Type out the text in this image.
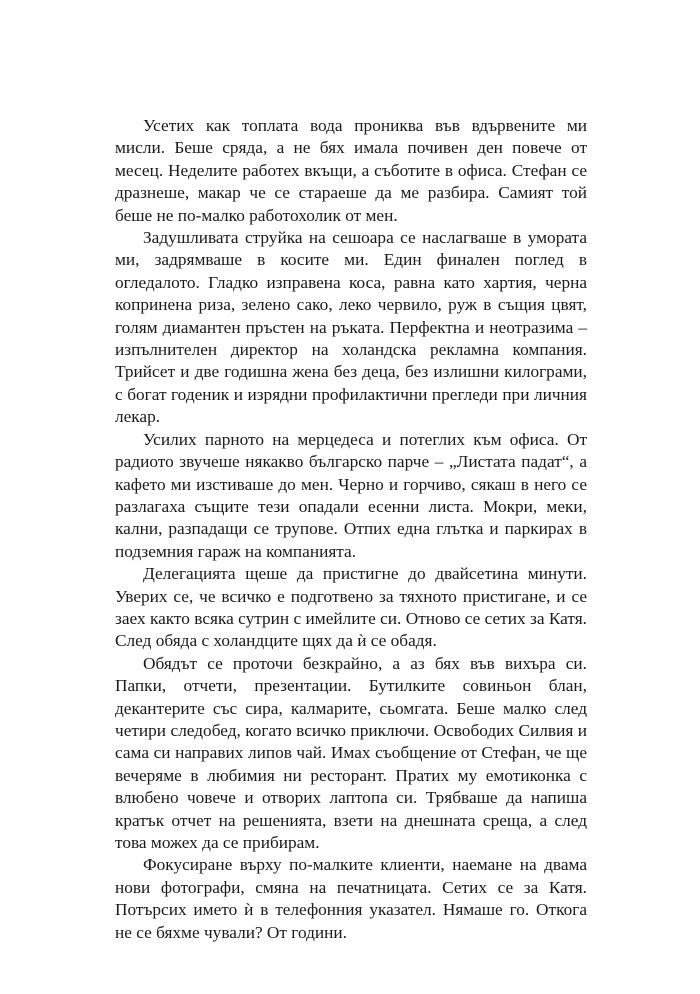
Усетих как топлата вода прониква във вдървените ми мисли. Беше сряда, а не бях имала почивен ден повече от месец. Неделите работех вкъщи, а съботите в офиса. Стефан се дразнеше, макар че се стараеше да ме разбира. Самият той беше не по-малко работохолик от мен.

Задушливата струйка на сешоара се наслагваше в умората ми, задрямваше в косите ми. Един финален поглед в огледалото. Гладко изправена коса, равна като хартия, черна копринена риза, зелено сако, леко червило, руж в същия цвят, голям диамантен пръстен на ръката. Перфектна и неотразима – изпълнителен директор на холандска рекламна компания. Трийсет и две годишна жена без деца, без излишни килограми, с богат годеник и изрядни профилактични прегледи при личния лекар.

Усилих парното на мерцедеса и потеглих към офиса. От радиото звучеше някакво българско парче – „Листата падат“, а кафето ми изстиваше до мен. Черно и горчиво, сякаш в него се разлагаха същите тези опадали есенни листа. Мокри, меки, кални, разпадащи се трупове. Отпих една глътка и паркирах в подземния гараж на компанията.

Делегацията щеше да пристигне до двайсетина минути. Уверих се, че всичко е подготвено за тяхното пристигане, и се заех както всяка сутрин с имейлите си. Отново се сетих за Катя. След обяда с холандците щях да ѝ се обадя.

Обядът се проточи безкрайно, а аз бях във вихъра си. Папки, отчети, презентации. Бутилките совиньон блан, декантерите със сира, калмарите, сьомгата. Беше малко след четири следобед, когато всичко приключи. Освободих Силвия и сама си направих липов чай. Имах съобщение от Стефан, че ще вечеряме в любимия ни ресторант. Пратих му емотиконка с влюбено човече и отворих лаптопа си. Трябваше да напиша кратък отчет на решенията, взети на днешната среща, а след това можех да се прибирам.

Фокусиране върху по-малките клиенти, наемане на двама нови фотографи, смяна на печатницата. Сетих се за Катя. Потърсих името ѝ в телефонния указател. Нямаше го. Откога не се бяхме чували? От години.
